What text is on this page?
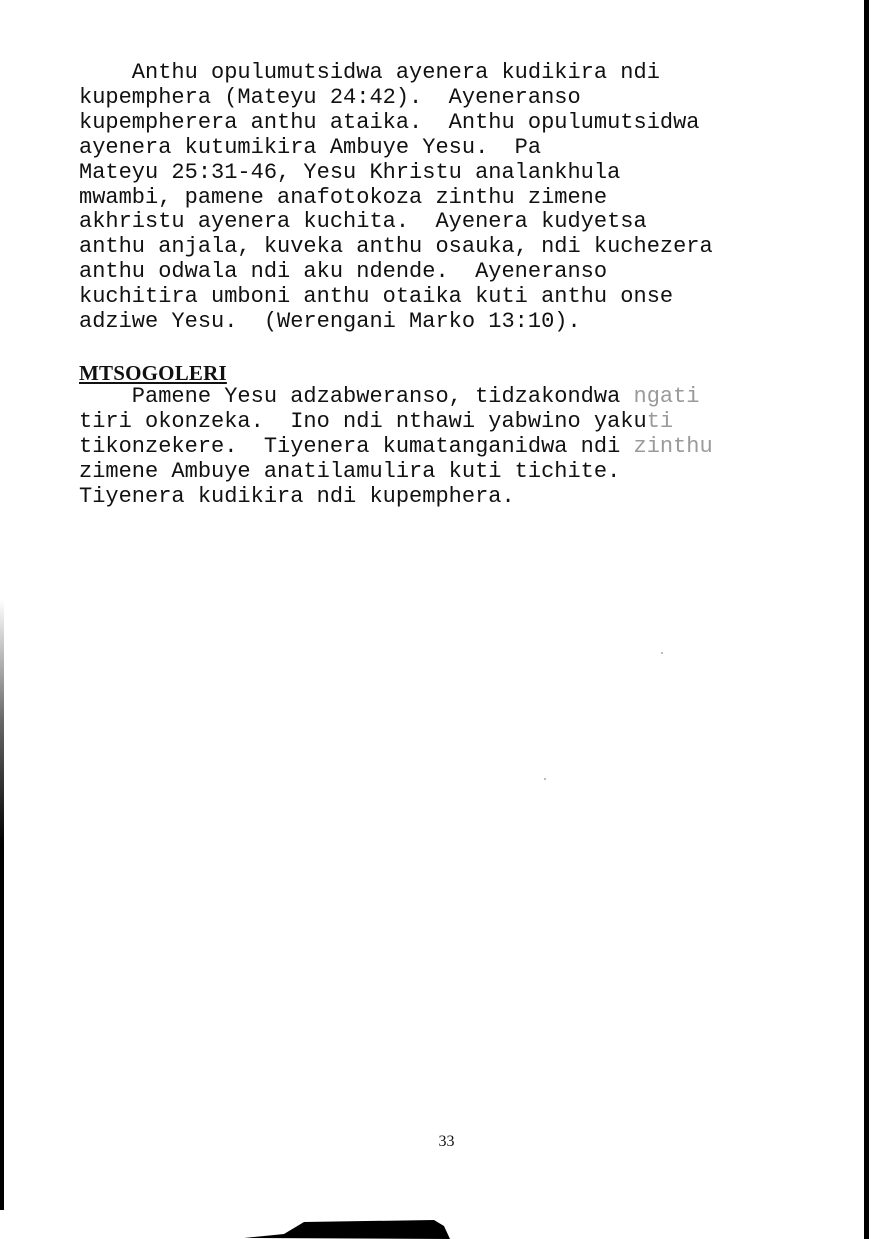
Anthu opulumutsidwa ayenera kudikira ndi
kupemphera (Mateyu 24:42).  Ayeneranso
kupempherera anthu ataika.  Anthu opulumutsidwa
ayenera kutumikira Ambuye Yesu.  Pa
Mateyu 25:31-46, Yesu Khristu analankhula
mwambi, pamene anafotokoza zinthu zimene
akhristu ayenera kuchita.  Ayenera kudyetsa
anthu anjala, kuveka anthu osauka, ndi kuchezera
anthu odwala ndi aku ndende.  Ayeneranso
kuchitira umboni anthu otaika kuti anthu onse
adziwe Yesu.  (Werengani Marko 13:10).
MTSOGOLERI
Pamene Yesu adzabweranso, tidzakondwa ngati
tiri okonzeka.  Ino ndi nthawi yabwino yakuti
tikonzekere.  Tiyenera kumatanganidwa ndi zinthu
zimene Ambuye anatilamulira kuti tichite.
Tiyenera kudikira ndi kupemphera.
33
